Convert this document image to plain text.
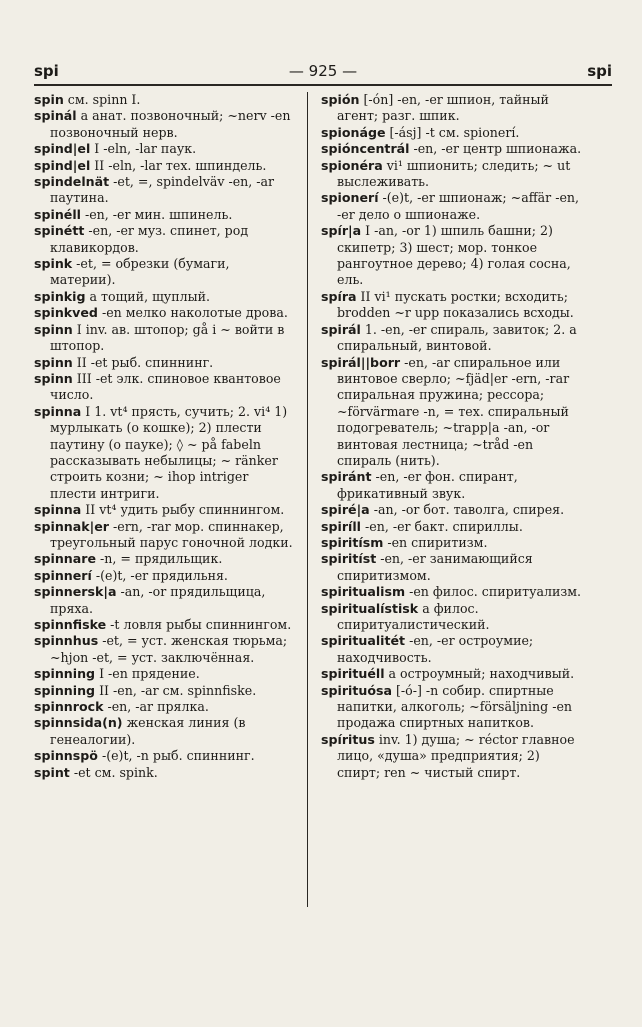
spi	— 925 —	spi

spin см. spinn I.

spinál a анат. позвоночный; ~nerv -en позвоночный нерв.

spind|el I -eln, -lar паук.

spind|el II -eln, -lar тех. шпиндель.

spindelnät -et, =, spindelväv -en, -ar паутина.

spinéll -en, -er мин. шпинель.

spinétt -en, -er муз. спинет, род клавикордов.

spink -et, = обрезки (бумаги, материи).

spinkig a тощий, щуплый.

spinkved -en мелко наколотые дрова.

spinn I inv. ав. штопор; gå i ~ войти в штопор.

spinn II -et рыб. спиннинг.

spinn III -et элк. спиновое квантовое число.

spinna I 1. vt⁴ прясть, сучить; 2. vi⁴ 1) мурлыкать (о кошке); 2) плести паутину (о пауке); ◊ ~ på fabeln рассказывать небылицы; ~ ränker строить козни; ~ ihop intriger плести интриги.

spinna II vt⁴ удить рыбу спиннингом.

spinnak|er -ern, -rar мор. спиннакер, треугольный парус гоночной лодки.

spinnare -n, = прядильщик.

spinnerí -(e)t, -er прядильня.

spinnersk|a -an, -or прядильщица, пряха.

spinnfiske -t ловля рыбы спиннингом.

spinnhus -et, = уст. женская тюрьма; ~hjon -et, = уст. заключённая.

spinning I -en прядение.

spinning II -en, -ar см. spinnfiske.

spinnrock -en, -ar прялка.

spinnsida(n) женская линия (в генеалогии).

spinnspö -(e)t, -n рыб. спиннинг.

spint -et см. spink.

spión [-ón] -en, -er шпион, тайный агент; разг. шпик.

spionáge [-ásj] -t см. spionerí.

spióncentrál -en, -er центр шпионажа.

spionéra vi¹ шпионить; следить; ~ ut выслеживать.

spionerí -(e)t, -er шпионаж; ~affär -en, -er дело о шпионаже.

spír|a I -an, -or 1) шпиль башни; 2) скипетр; 3) шест; мор. тонкое рангоутное дерево; 4) голая сосна, ель.

spíra II vi¹ пускать ростки; всходить; brodden ~r upp показались всходы.

spirál 1. -en, -er спираль, завиток; 2. a спиральный, винтовой.

spirál||borr -en, -ar спиральное или винтовое сверло; ~fjäd|er -ern, -rar спиральная пружина; рессора; ~förvärmare -n, = тех. спиральный подогреватель; ~trapp|a -an, -or винтовая лестница; ~tråd -en спираль (нить).

spiránt -en, -er фон. спирант, фрикативный звук.

spiré|a -an, -or бот. таволга, спирея.

spiríll -en, -er бакт. спириллы.

spiritísm -en спиритизм.

spiritíst -en, -er занимающийся спиритизмом.

spiritualism -en филос. спиритуализм.

spiritualístisk a филос. спиритуалистический.

spiritualitét -en, -er остроумие; находчивость.

spirituéll a остроумный; находчивый.

spirituósa [-ó-] -n собир. спиртные напитки, алкоголь; ~försäljning -en продажа спиртных напитков.

spíritus inv. 1) душа; ~ réctor главное лицо, «душа» предприятия; 2) спирт; ren ~ чистый спирт.
